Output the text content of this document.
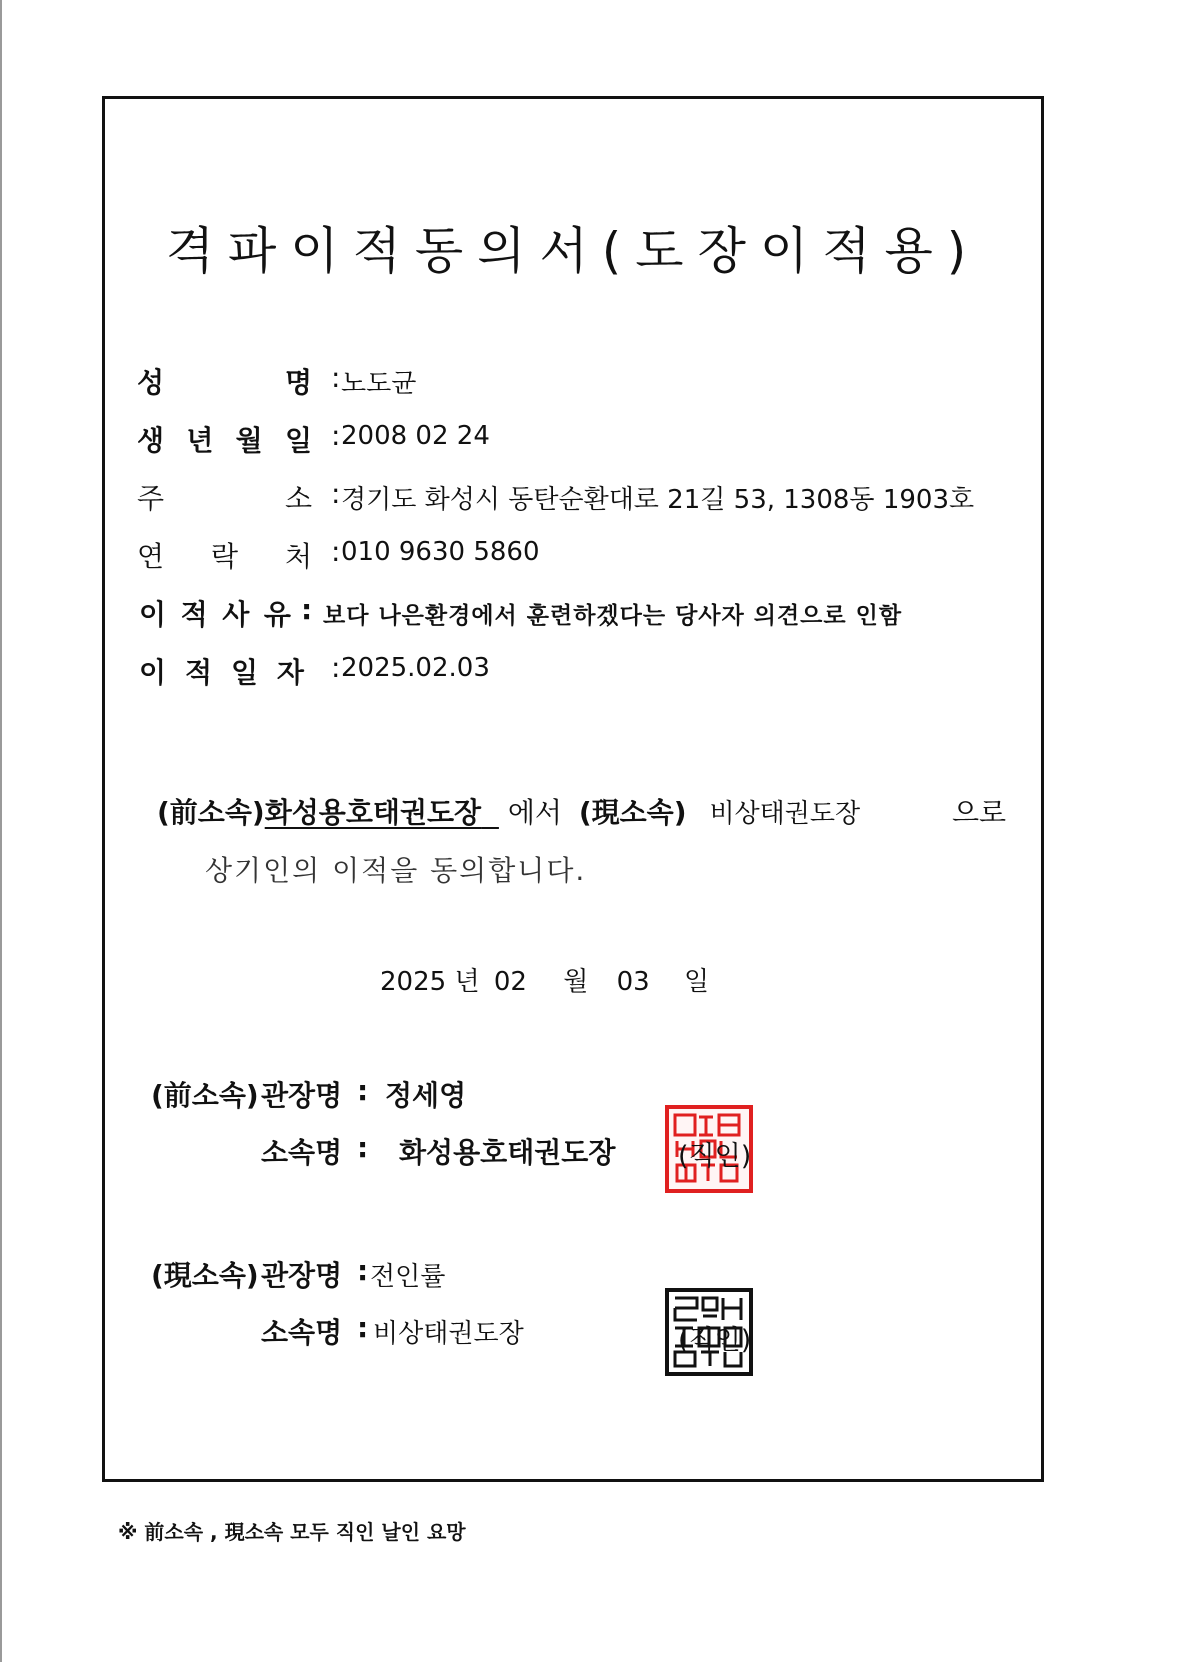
격파이적동의서(도장이적용)
성	명 : 노도균
생 년 월 일 : 2008 02 24
주	소 : 경기도 화성시 동탄순환대로 21길 53, 1308동 1903호
연 락 처 : 010 9630 5860
이 적 사 유 : 보다 나은환경에서 훈련하겠다는 당사자 의견으로 인함
이 적 일 자 : 2025.02.03
(前소속)화성용호태권도장 에서 (現소속) 비상태권도장	으로
상기인의 이적을 동의합니다.
2025 년 02 월 03 일
(前소속) 관장명 : 정세영
소속명 : 화성용호태권도장
(現소속) 관장명 : 전인률
소속명 : 비상태권도장
(직인)
(직인)
※ 前소속 , 現소속 모두 직인 날인 요망
